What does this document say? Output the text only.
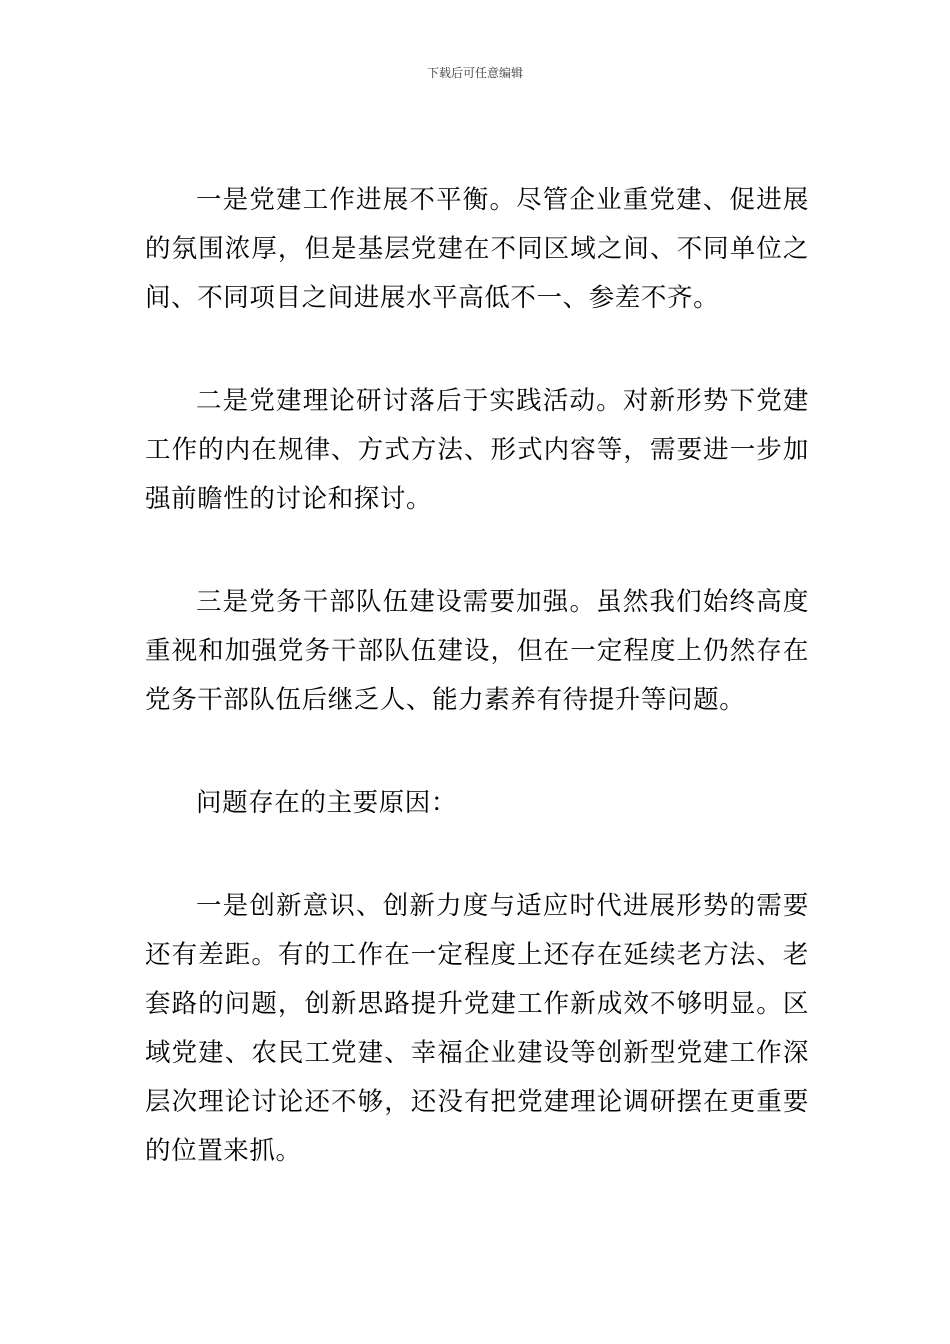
下载后可任意编辑

一是党建工作进展不平衡。尽管企业重党建、促进展的氛围浓厚，但是基层党建在不同区域之间、不同单位之间、不同项目之间进展水平高低不一、参差不齐。

二是党建理论研讨落后于实践活动。对新形势下党建工作的内在规律、方式方法、形式内容等，需要进一步加强前瞻性的讨论和探讨。

三是党务干部队伍建设需要加强。虽然我们始终高度重视和加强党务干部队伍建设，但在一定程度上仍然存在党务干部队伍后继乏人、能力素养有待提升等问题。

问题存在的主要原因：

一是创新意识、创新力度与适应时代进展形势的需要还有差距。有的工作在一定程度上还存在延续老方法、老套路的问题，创新思路提升党建工作新成效不够明显。区域党建、农民工党建、幸福企业建设等创新型党建工作深层次理论讨论还不够，还没有把党建理论调研摆在更重要的位置来抓。
